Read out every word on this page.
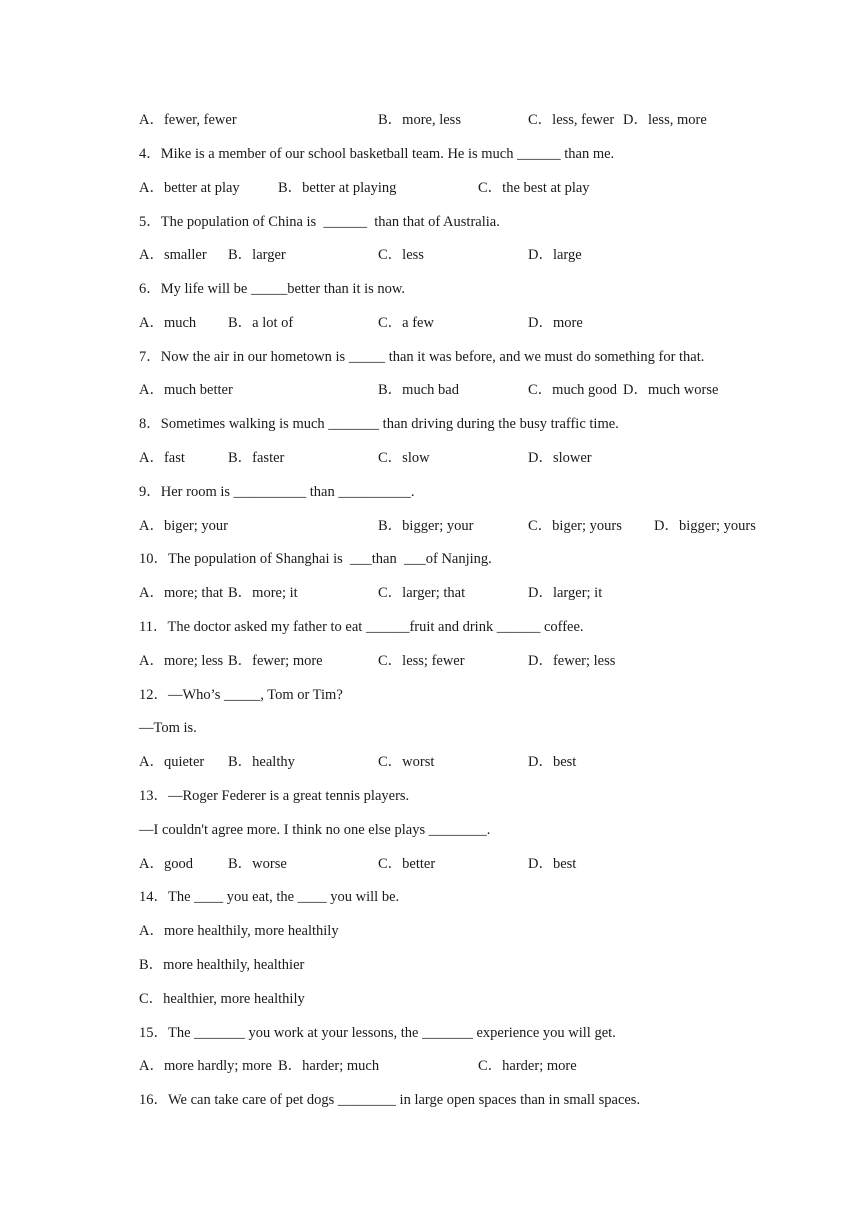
A．fewer, fewer	B．more, less	C．less, fewer D．less, more
4．Mike is a member of our school basketball team. He is much ______ than me.
A．better at play	B．better at playing	C．the best at play
5．The population of China is  ______  than that of Australia.
A．smaller B．larger	C．less	D．large
6．My life will be _____better than it is now.
A．much B．a lot of	C．a few	D．more
7．Now the air in our hometown is _____ than it was before, and we must do something for that.
A．much better	B．much bad	C．much good D．much worse
8．Sometimes walking is much _______ than driving during the busy traffic time.
A．fast	B．faster	C．slow	D．slower
9．Her room is __________ than __________.
A．biger; your	B．bigger; your	C．biger; yours D．bigger; yours
10．The population of Shanghai is  ___than  ___of Nanjing.
A．more; that B．more; it	C．larger; that	D．larger; it
11．The doctor asked my father to eat ______fruit and drink ______ coffee.
A．more; less B．fewer; more	C．less; fewer	D．fewer; less
12．—Who’s _____, Tom or Tim?
—Tom is.
A．quieter B．healthy	C．worst	D．best
13．—Roger Federer is a great tennis players.
—I couldn't agree more. I think no one else plays ________.
A．good B．worse	C．better	D．best
14．The ____ you eat, the ____ you will be.
A．more healthily, more healthily
B．more healthily, healthier
C．healthier, more healthily
15．The _______ you work at your lessons, the _______ experience you will get.
A．more hardly; more B．harder; much	C．harder; more
16．We can take care of pet dogs ________ in large open spaces than in small spaces.
